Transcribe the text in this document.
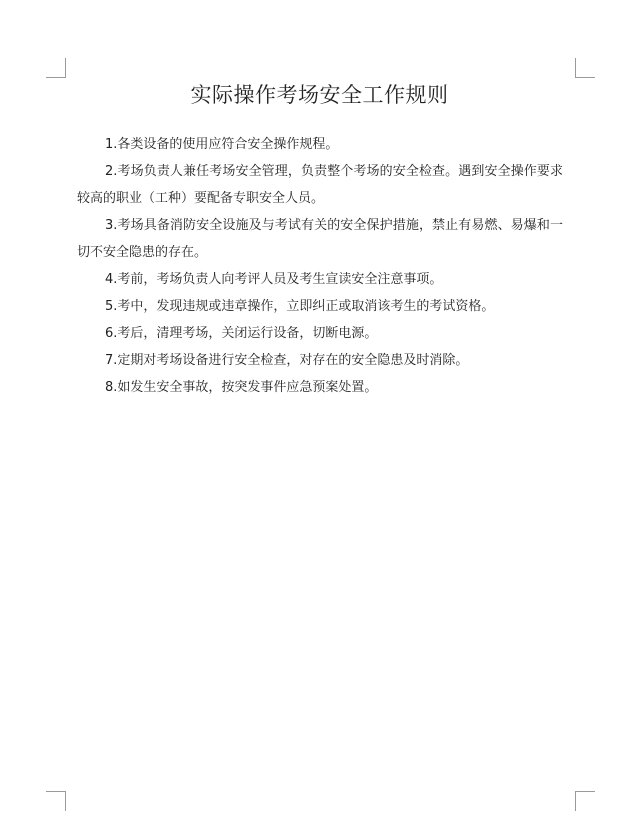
实际操作考场安全工作规则

1.各类设备的使用应符合安全操作规程。

2.考场负责人兼任考场安全管理，负责整个考场的安全检查。遇到安全操作要求较高的职业（工种）要配备专职安全人员。

3.考场具备消防安全设施及与考试有关的安全保护措施，禁止有易燃、易爆和一切不安全隐患的存在。

4.考前，考场负责人向考评人员及考生宣读安全注意事项。

5.考中，发现违规或违章操作，立即纠正或取消该考生的考试资格。

6.考后，清理考场，关闭运行设备，切断电源。

7.定期对考场设备进行安全检查，对存在的安全隐患及时消除。

8.如发生安全事故，按突发事件应急预案处置。
